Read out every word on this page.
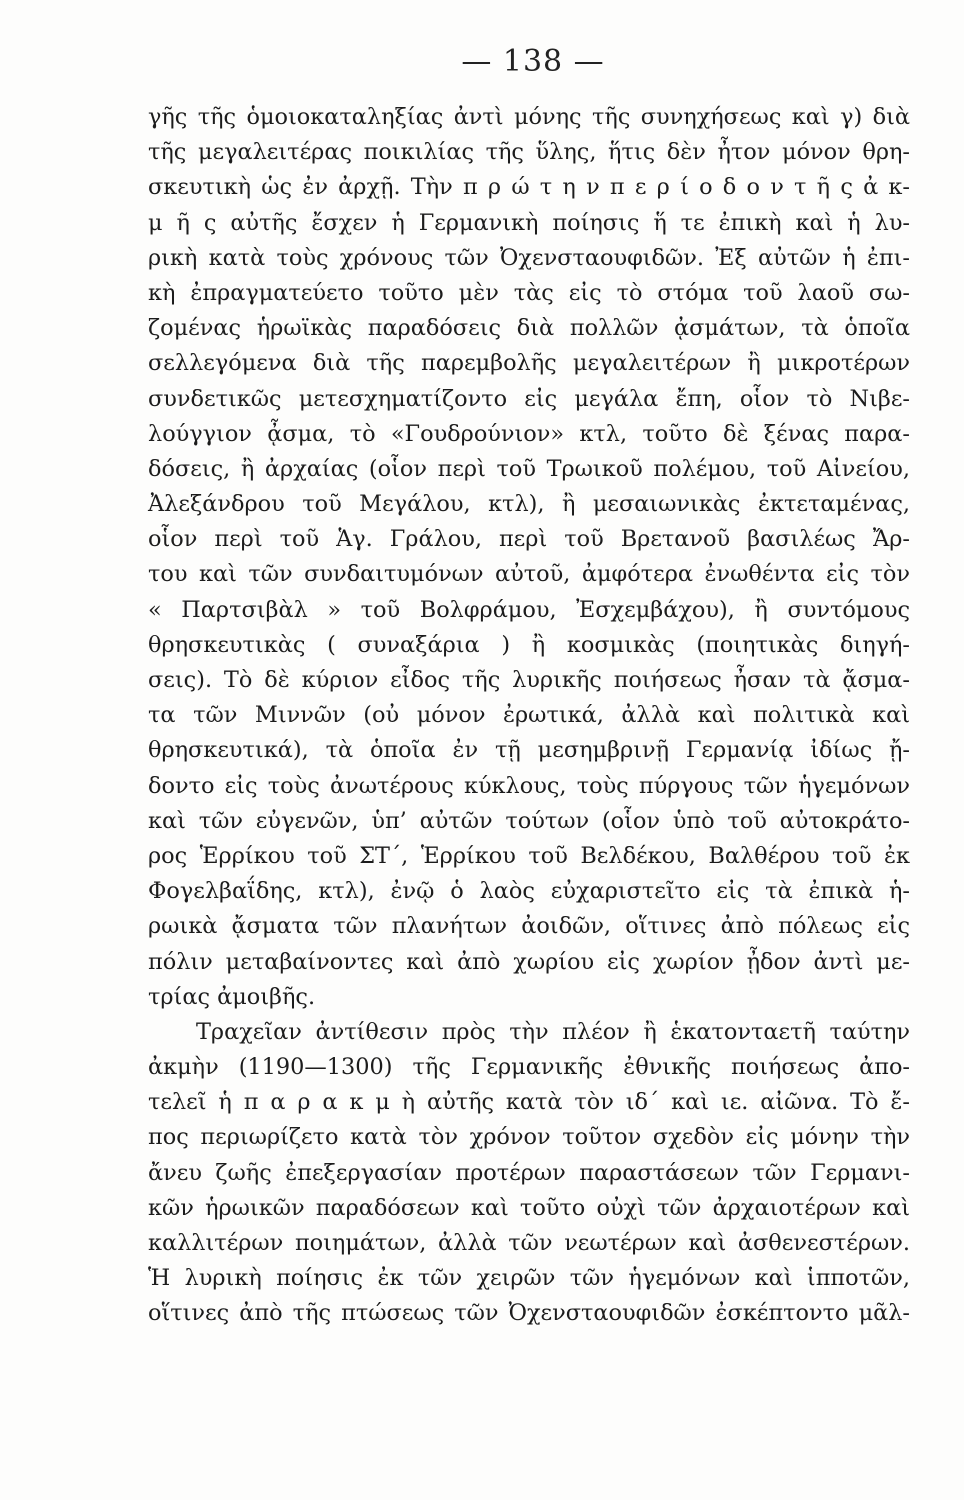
— 138 —
γῆς τῆς ὁμοιοκαταληξίας ἀντὶ μόνης τῆς συνηχήσεως καὶ γ) διὰ
τῆς μεγαλειτέρας ποικιλίας τῆς ὕλης, ἥτις δὲν ἦτον μόνον θρη-
σκευτικὴ ὡς ἐν ἀρχῇ. Τὴν π ρ ώ τ η ν π ε ρ ί ο δ ο ν τ ῆ ς ἀ κ-
μ ῆ ς αὐτῆς ἔσχεν ἡ Γερμανικὴ ποίησις ἥ τε ἐπικὴ καὶ ἡ λυ-
ρικὴ κατὰ τοὺς χρόνους τῶν Ὀχενσταουφιδῶν. Ἐξ αὐτῶν ἡ ἐπι-
κὴ ἐπραγματεύετο τοῦτο μὲν τὰς εἰς τὸ στόμα τοῦ λαοῦ σω-
ζομένας ἡρωϊκὰς παραδόσεις διὰ πολλῶν ᾀσμάτων, τὰ ὁποῖα
σελλεγόμενα διὰ τῆς παρεμβολῆς μεγαλειτέρων ἢ μικροτέρων
συνδετικῶς μετεσχηματίζοντο εἰς μεγάλα ἔπη, οἷον τὸ Νιβε-
λούγγιον ᾆσμα, τὸ «Γουδρούνιον» κτλ, τοῦτο δὲ ξένας παρα-
δόσεις, ἢ ἀρχαίας (οἷον περὶ τοῦ Τρωικοῦ πολέμου, τοῦ Αἰνείου,
Ἀλεξάνδρου τοῦ Μεγάλου, κτλ), ἢ μεσαιωνικὰς ἐκτεταμένας,
οἷον περὶ τοῦ Ἁγ. Γράλου, περὶ τοῦ Βρετανοῦ βασιλέως Ἄρ-
του καὶ τῶν συνδαιτυμόνων αὐτοῦ, ἀμφότερα ἐνωθέντα εἰς τὸν
« Παρτσιβὰλ » τοῦ Βολφράμου, Ἐσχεμβάχου), ἢ συντόμους
θρησκευτικὰς ( συναξάρια ) ἢ κοσμικὰς (ποιητικὰς διηγή-
σεις). Τὸ δὲ κύριον εἶδος τῆς λυρικῆς ποιήσεως ἦσαν τὰ ᾄσμα-
τα τῶν Μιννῶν (οὐ μόνον ἐρωτικά, ἀλλὰ καὶ πολιτικὰ καὶ
θρησκευτικά), τὰ ὁποῖα ἐν τῇ μεσημβρινῇ Γερμανίᾳ ἰδίως ᾔ-
δοντο εἰς τοὺς ἀνωτέρους κύκλους, τοὺς πύργους τῶν ἡγεμόνων
καὶ τῶν εὐγενῶν, ὑπ’ αὐτῶν τούτων (οἷον ὑπὸ τοῦ αὐτοκράτο-
ρος Ἑρρίκου τοῦ ΣΤ΄, Ἑρρίκου τοῦ Βελδέκου, Βαλθέρου τοῦ ἐκ
Φογελβαΐδης, κτλ), ἐνῷ ὁ λαὸς εὐχαριστεῖτο εἰς τὰ ἐπικὰ ἡ-
ρωικὰ ᾄσματα τῶν πλανήτων ἀοιδῶν, οἵτινες ἀπὸ πόλεως εἰς
πόλιν μεταβαίνοντες καὶ ἀπὸ χωρίου εἰς χωρίον ᾖδον ἀντὶ με-
τρίας ἀμοιβῆς.
Τραχεῖαν ἀντίθεσιν πρὸς τὴν πλέον ἢ ἑκατονταετῆ ταύτην
ἀκμὴν (1190—1300) τῆς Γερμανικῆς ἐθνικῆς ποιήσεως ἀπο-
τελεῖ ἡ π α ρ α κ μ ὴ αὐτῆς κατὰ τὸν ιδ΄ καὶ ιε. αἰῶνα. Τὸ ἔ-
πος περιωρίζετο κατὰ τὸν χρόνον τοῦτον σχεδὸν εἰς μόνην τὴν
ἄνευ ζωῆς ἐπεξεργασίαν προτέρων παραστάσεων τῶν Γερμανι-
κῶν ἡρωικῶν παραδόσεων καὶ τοῦτο οὐχὶ τῶν ἀρχαιοτέρων καὶ
καλλιτέρων ποιημάτων, ἀλλὰ τῶν νεωτέρων καὶ ἀσθενεστέρων.
Ἡ λυρικὴ ποίησις ἐκ τῶν χειρῶν τῶν ἡγεμόνων καὶ ἱπποτῶν,
οἵτινες ἀπὸ τῆς πτώσεως τῶν Ὀχενσταουφιδῶν ἐσκέπτοντο μᾶλ-
